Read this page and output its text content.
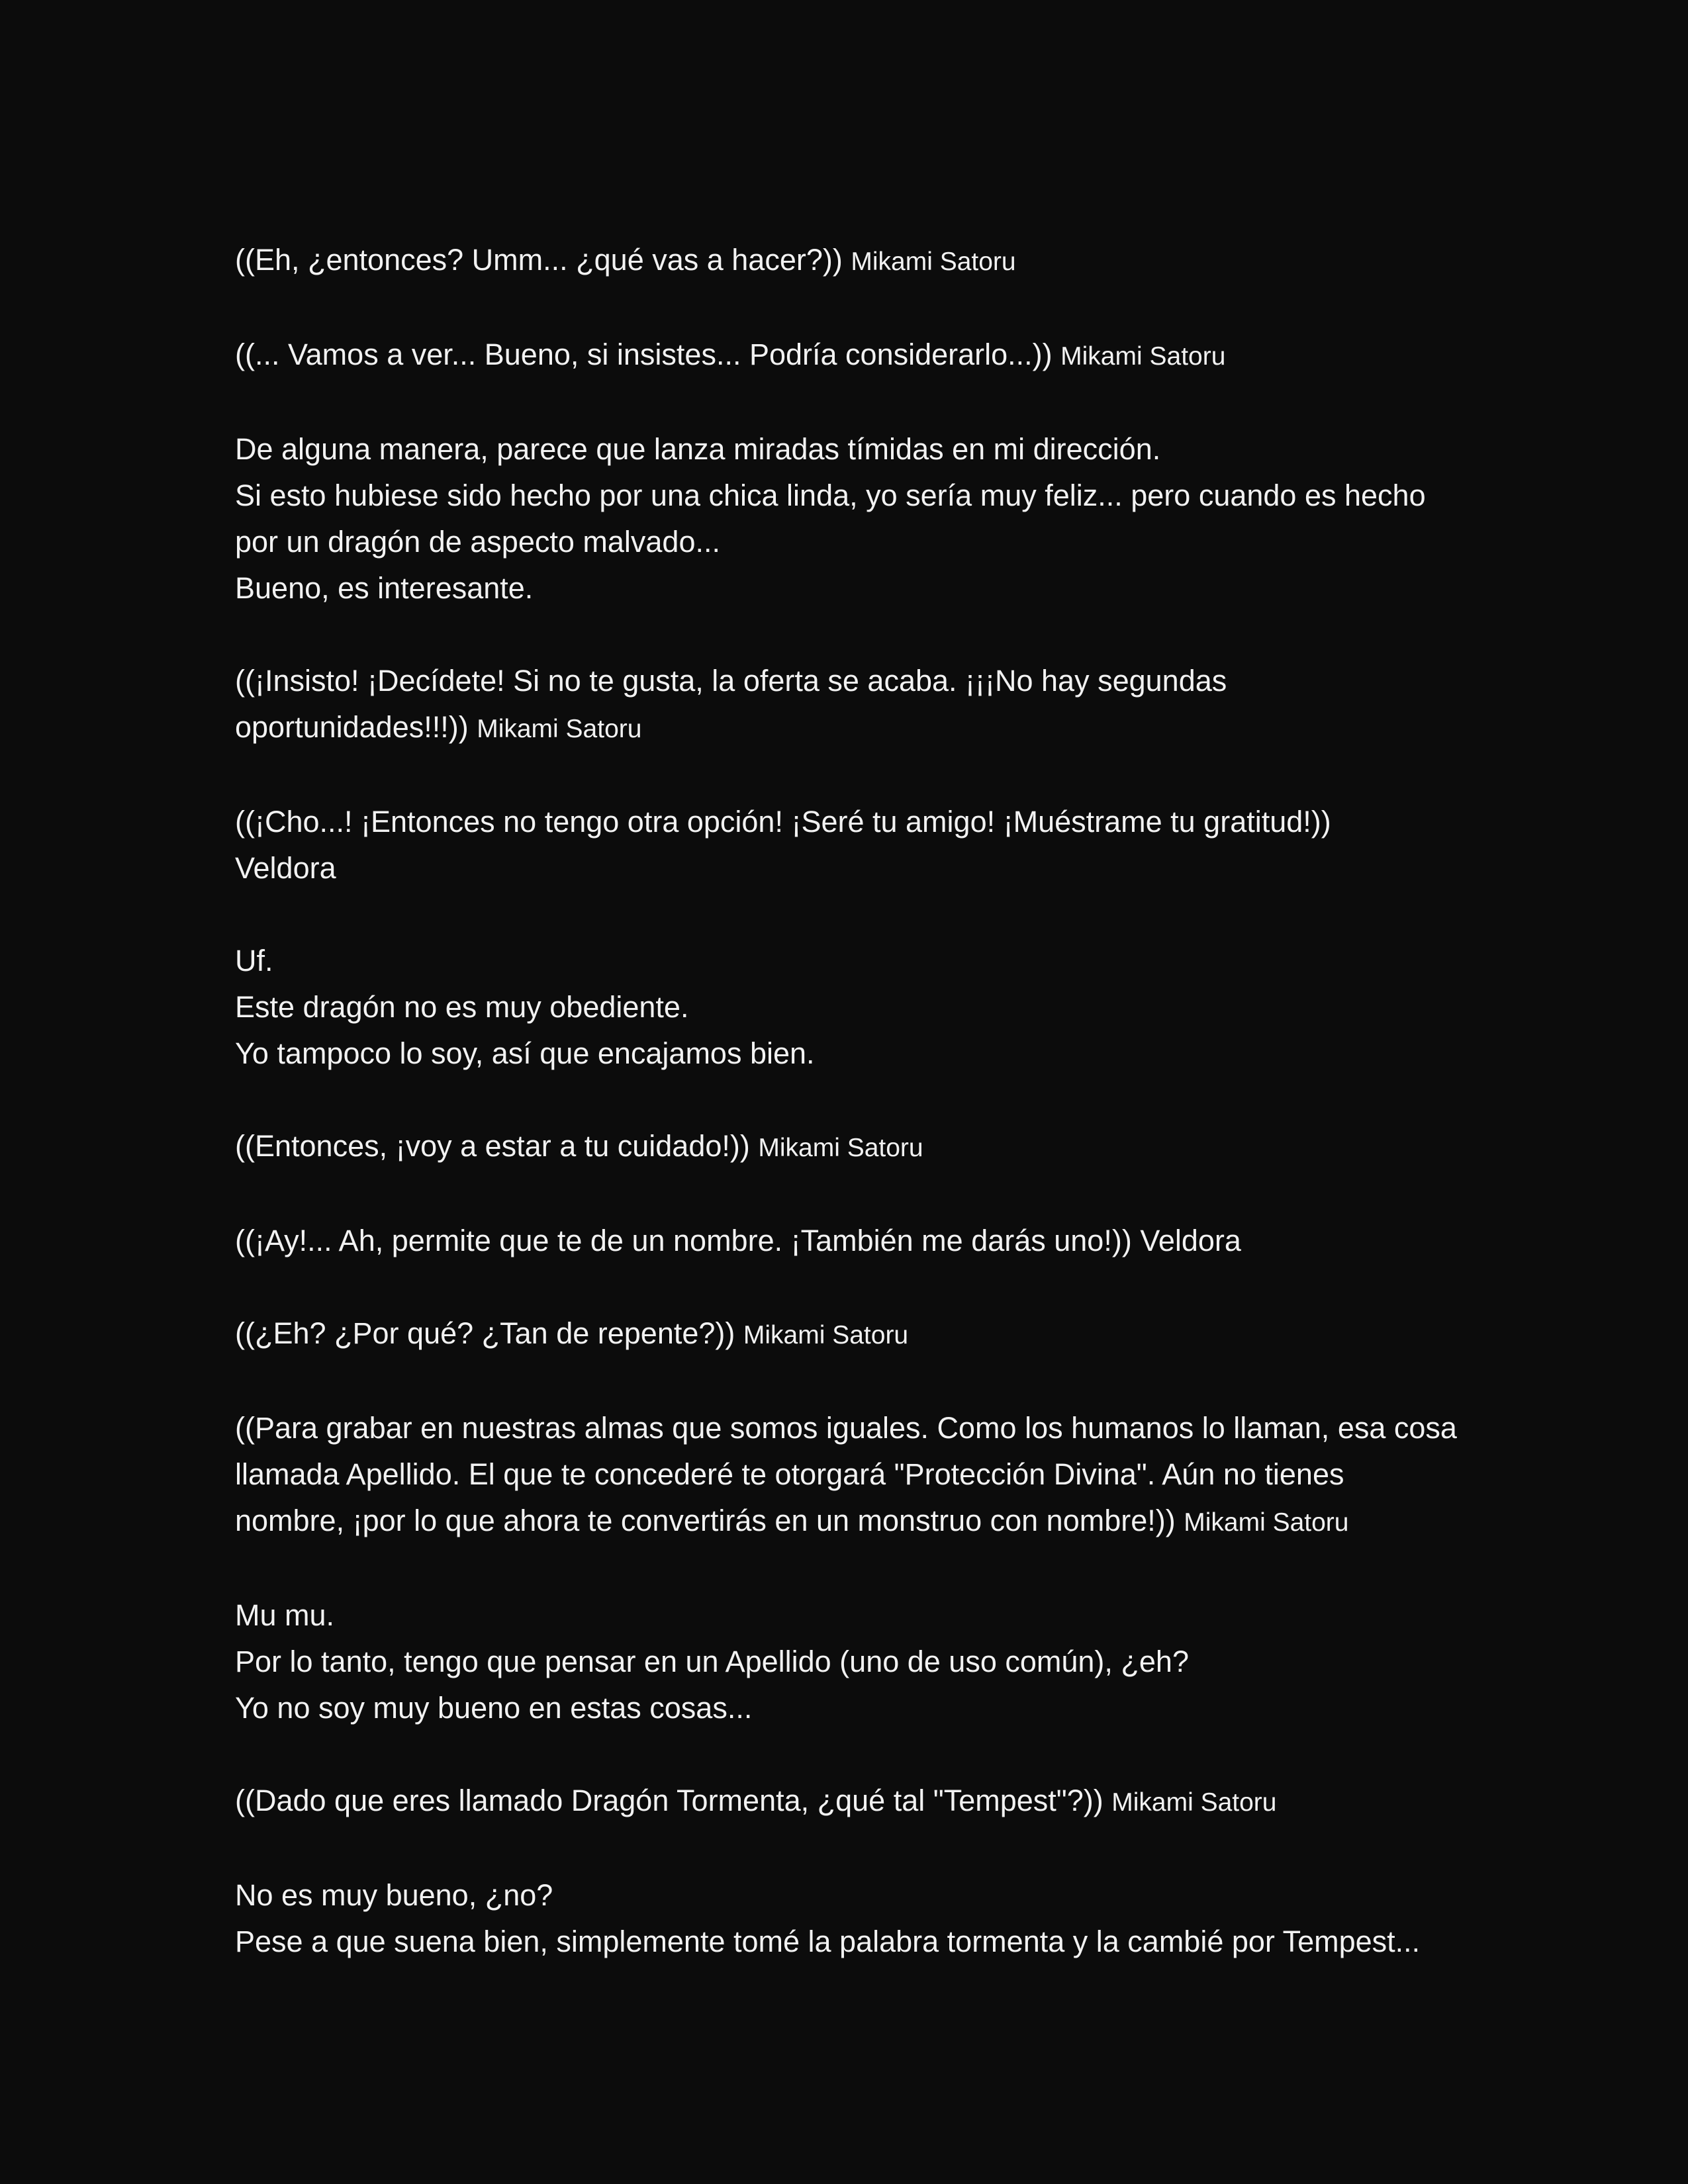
((Eh, ¿entonces? Umm... ¿qué vas a hacer?)) Mikami Satoru
((... Vamos a ver... Bueno, si insistes... Podría considerarlo...)) Mikami Satoru
De alguna manera, parece que lanza miradas tímidas en mi dirección.
Si esto hubiese sido hecho por una chica linda, yo sería muy feliz... pero cuando es hecho
por un dragón de aspecto malvado...
Bueno, es interesante.
((¡Insisto! ¡Decídete! Si no te gusta, la oferta se acaba. ¡¡¡No hay segundas
oportunidades!!!)) Mikami Satoru
((¡Cho...! ¡Entonces no tengo otra opción! ¡Seré tu amigo! ¡Muéstrame tu gratitud!))
Veldora
Uf.
Este dragón no es muy obediente.
Yo tampoco lo soy, así que encajamos bien.
((Entonces, ¡voy a estar a tu cuidado!)) Mikami Satoru
((¡Ay!... Ah, permite que te de un nombre. ¡También me darás uno!)) Veldora
((¿Eh? ¿Por qué? ¿Tan de repente?)) Mikami Satoru
((Para grabar en nuestras almas que somos iguales. Como los humanos lo llaman, esa cosa
llamada Apellido. El que te concederé te otorgará "Protección Divina". Aún no tienes
nombre, ¡por lo que ahora te convertirás en un monstruo con nombre!)) Mikami Satoru
Mu mu.
Por lo tanto, tengo que pensar en un Apellido (uno de uso común), ¿eh?
Yo no soy muy bueno en estas cosas...
((Dado que eres llamado Dragón Tormenta, ¿qué tal "Tempest"?)) Mikami Satoru
No es muy bueno, ¿no?
Pese a que suena bien, simplemente tomé la palabra tormenta y la cambié por Tempest...
